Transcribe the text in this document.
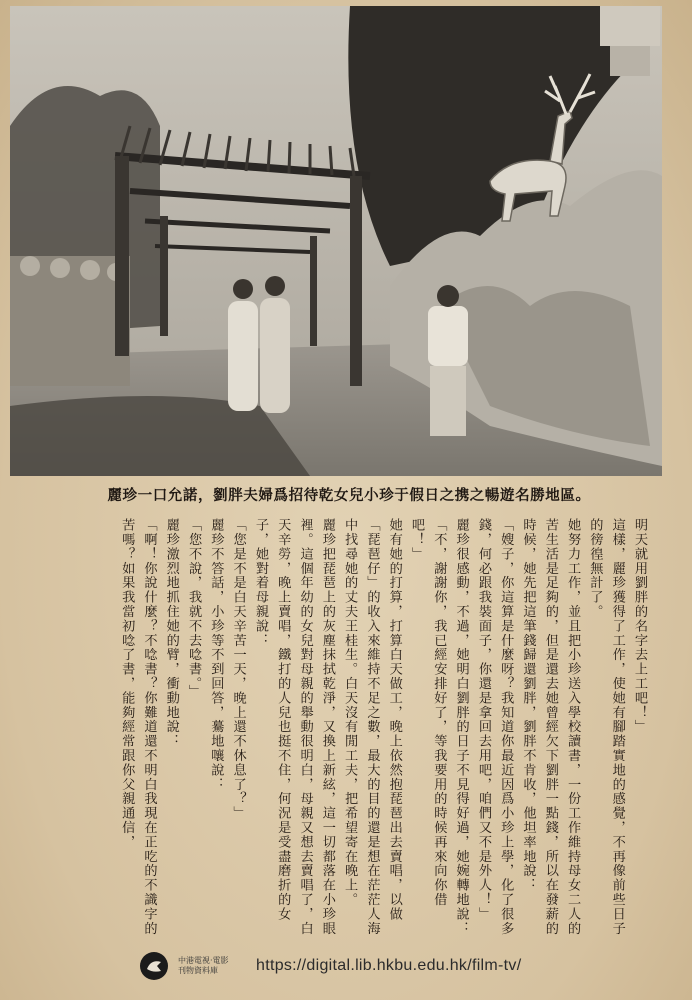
麗珍一口允諾，劉胖夫婦爲招待乾女兒小珍于假日之携之暢遊名勝地區。

明天就用劉胖的名字去上工吧！」

這樣，麗珍獲得了工作，使她有腳踏實地的感覺，不再像前些日子的徬徨無計了。

她努力工作，並且把小珍送入學校讀書，一份工作維持母女二人的苦生活是足夠的，但是還去她曾經欠下劉胖一點錢，所以在發薪的時候，她先把這筆錢歸還劉胖，劉胖不肯收，他坦率地說：

「嫂子，你這算是什麼呀？我知道你最近因爲小珍上學，化了很多錢，何必跟我裝面子，你還是拿回去用吧，咱們又不是外人！」

麗珍很感動，不過，她明白劉胖的日子不見得好過，她婉轉地說：

「不，謝謝你，我已經安排好了，等我要用的時候再來向你借吧！」

她有她的打算，打算白天做工，晚上依然抱琵琶出去賣唱，以做「琵琶仔」的收入來維持不足之數，最大的目的還是想在茫茫人海中找尋她的丈夫王桂生。白天沒有閒工夫，把希望寄在晚上。

麗珍把琵琶上的灰塵抹拭乾淨，又換上新絃，這一切都落在小珍眼裡。這個年幼的女兒對母親的舉動很明白，母親又想去賣唱了，白天辛勞，晚上賣唱，鐵打的人兒也挺不住，何況是受盡磨折的女子，她對着母親說：

「您是不是白天辛苦一天，晚上還不休息了？」

麗珍不答話，小珍等不到回答，驀地嚷說：

「您不說，我就不去唸書。」

麗珍激烈地抓住她的臂，衝動地說：

「啊！你說什麼？不唸書？你難道還不明白我現在正吃的不識字的苦嗎？如果我當初唸了書，能夠經常跟你父親通信，

中港電視·電影
刊物資料庫	https://digital.lib.hkbu.edu.hk/film-tv/
